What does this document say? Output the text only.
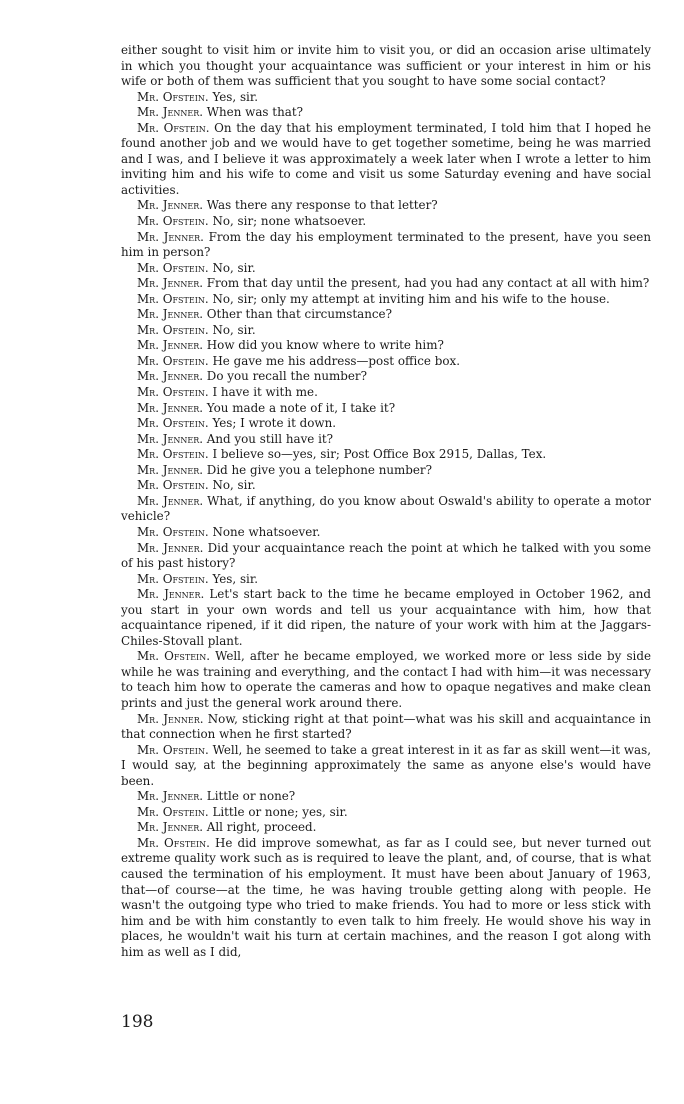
either sought to visit him or invite him to visit you, or did an occasion arise ultimately in which you thought your acquaintance was sufficient or your interest in him or his wife or both of them was sufficient that you sought to have some social contact?

Mr. Ofstein. Yes, sir.

Mr. Jenner. When was that?

Mr. Ofstein. On the day that his employment terminated, I told him that I hoped he found another job and we would have to get together sometime, being he was married and I was, and I believe it was approximately a week later when I wrote a letter to him inviting him and his wife to come and visit us some Saturday evening and have social activities.

Mr. Jenner. Was there any response to that letter?

Mr. Ofstein. No, sir; none whatsoever.

Mr. Jenner. From the day his employment terminated to the present, have you seen him in person?

Mr. Ofstein. No, sir.

Mr. Jenner. From that day until the present, had you had any contact at all with him?

Mr. Ofstein. No, sir; only my attempt at inviting him and his wife to the house.

Mr. Jenner. Other than that circumstance?

Mr. Ofstein. No, sir.

Mr. Jenner. How did you know where to write him?

Mr. Ofstein. He gave me his address—post office box.

Mr. Jenner. Do you recall the number?

Mr. Ofstein. I have it with me.

Mr. Jenner. You made a note of it, I take it?

Mr. Ofstein. Yes; I wrote it down.

Mr. Jenner. And you still have it?

Mr. Ofstein. I believe so—yes, sir; Post Office Box 2915, Dallas, Tex.

Mr. Jenner. Did he give you a telephone number?

Mr. Ofstein. No, sir.

Mr. Jenner. What, if anything, do you know about Oswald's ability to operate a motor vehicle?

Mr. Ofstein. None whatsoever.

Mr. Jenner. Did your acquaintance reach the point at which he talked with you some of his past history?

Mr. Ofstein. Yes, sir.

Mr. Jenner. Let's start back to the time he became employed in October 1962, and you start in your own words and tell us your acquaintance with him, how that acquaintance ripened, if it did ripen, the nature of your work with him at the Jaggars-Chiles-Stovall plant.

Mr. Ofstein. Well, after he became employed, we worked more or less side by side while he was training and everything, and the contact I had with him—it was necessary to teach him how to operate the cameras and how to opaque negatives and make clean prints and just the general work around there.

Mr. Jenner. Now, sticking right at that point—what was his skill and acquaintance in that connection when he first started?

Mr. Ofstein. Well, he seemed to take a great interest in it as far as skill went—it was, I would say, at the beginning approximately the same as anyone else's would have been.

Mr. Jenner. Little or none?

Mr. Ofstein. Little or none; yes, sir.

Mr. Jenner. All right, proceed.

Mr. Ofstein. He did improve somewhat, as far as I could see, but never turned out extreme quality work such as is required to leave the plant, and, of course, that is what caused the termination of his employment. It must have been about January of 1963, that—of course—at the time, he was having trouble getting along with people. He wasn't the outgoing type who tried to make friends. You had to more or less stick with him and be with him constantly to even talk to him freely. He would shove his way in places, he wouldn't wait his turn at certain machines, and the reason I got along with him as well as I did,

198
